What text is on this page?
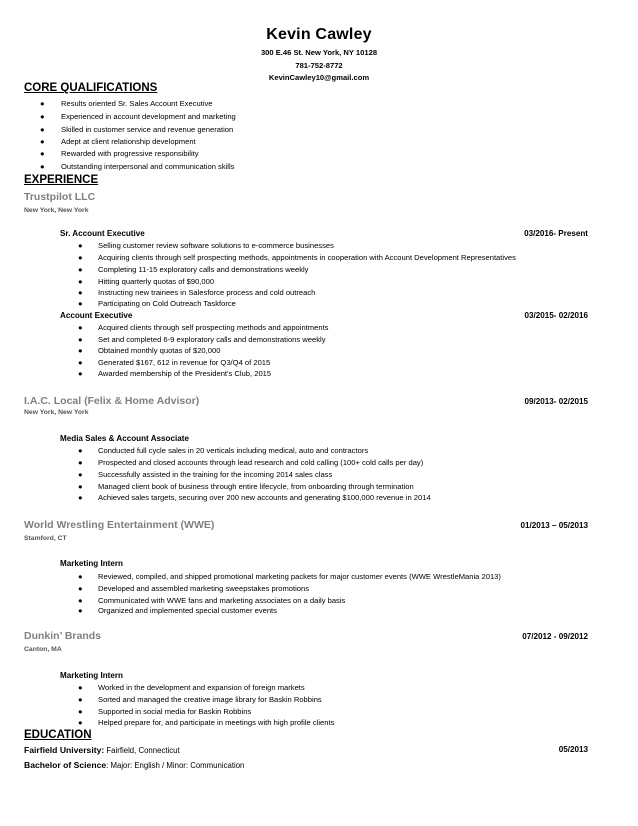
Kevin Cawley
300 E.46 St. New York, NY 10128
781-752-8772
KevinCawley10@gmail.com
CORE QUALIFICATIONS
● Results oriented Sr. Sales Account Executive
● Experienced in account development and marketing
● Skilled in customer service and revenue generation
● Adept at client relationship development
● Rewarded with progressive responsibility
● Outstanding interpersonal and communication skills
EXPERIENCE
Trustpilot LLC
New York, New York
Sr. Account Executive	03/2016- Present
● Selling customer review software solutions to e-commerce businesses
● Acquiring clients through self prospecting methods, appointments in cooperation with Account Development Representatives
● Completing 11-15 exploratory calls and demonstrations weekly
● Hitting quarterly quotas of $90,000
● Instructing new trainees in Salesforce process and cold outreach
● Participating on Cold Outreach Taskforce
Account Executive	03/2015- 02/2016
● Acquired clients through self prospecting methods and appointments
● Set and completed 6-9 exploratory calls and demonstrations weekly
● Obtained monthly quotas of $20,000
● Generated $167, 612 in revenue for Q3/Q4 of 2015
● Awarded membership of the President's Club, 2015
I.A.C. Local (Felix & Home Advisor)	09/2013- 02/2015
New York, New York
Media Sales & Account Associate
● Conducted full cycle sales in 20 verticals including medical, auto and contractors
● Prospected and closed accounts through lead research and cold calling (100+ cold calls per day)
● Successfully assisted in the training for the incoming 2014 sales class
● Managed client book of business through entire lifecycle, from onboarding through termination
● Achieved sales targets, securing over 200 new accounts and generating $100,000 revenue in 2014
World Wrestling Entertainment (WWE)	01/2013 – 05/2013
Stamford, CT
Marketing Intern
● Reviewed, compiled, and shipped promotional marketing packets for major customer events (WWE WrestleMania 2013)
● Developed and assembled marketing sweepstakes promotions
● Communicated with WWE fans and marketing associates on a daily basis
● Organized and implemented special customer events
Dunkin’ Brands	07/2012 - 09/2012
Canton, MA
Marketing Intern
● Worked in the development and expansion of foreign markets
● Sorted and managed the creative image library for Baskin Robbins
● Supported in social media for Baskin Robbins
● Helped prepare for, and participate in meetings with high profile clients
EDUCATION
Fairfield University: Fairfield, Connecticut	05/2013
Bachelor of Science: Major: English / Minor: Communication
